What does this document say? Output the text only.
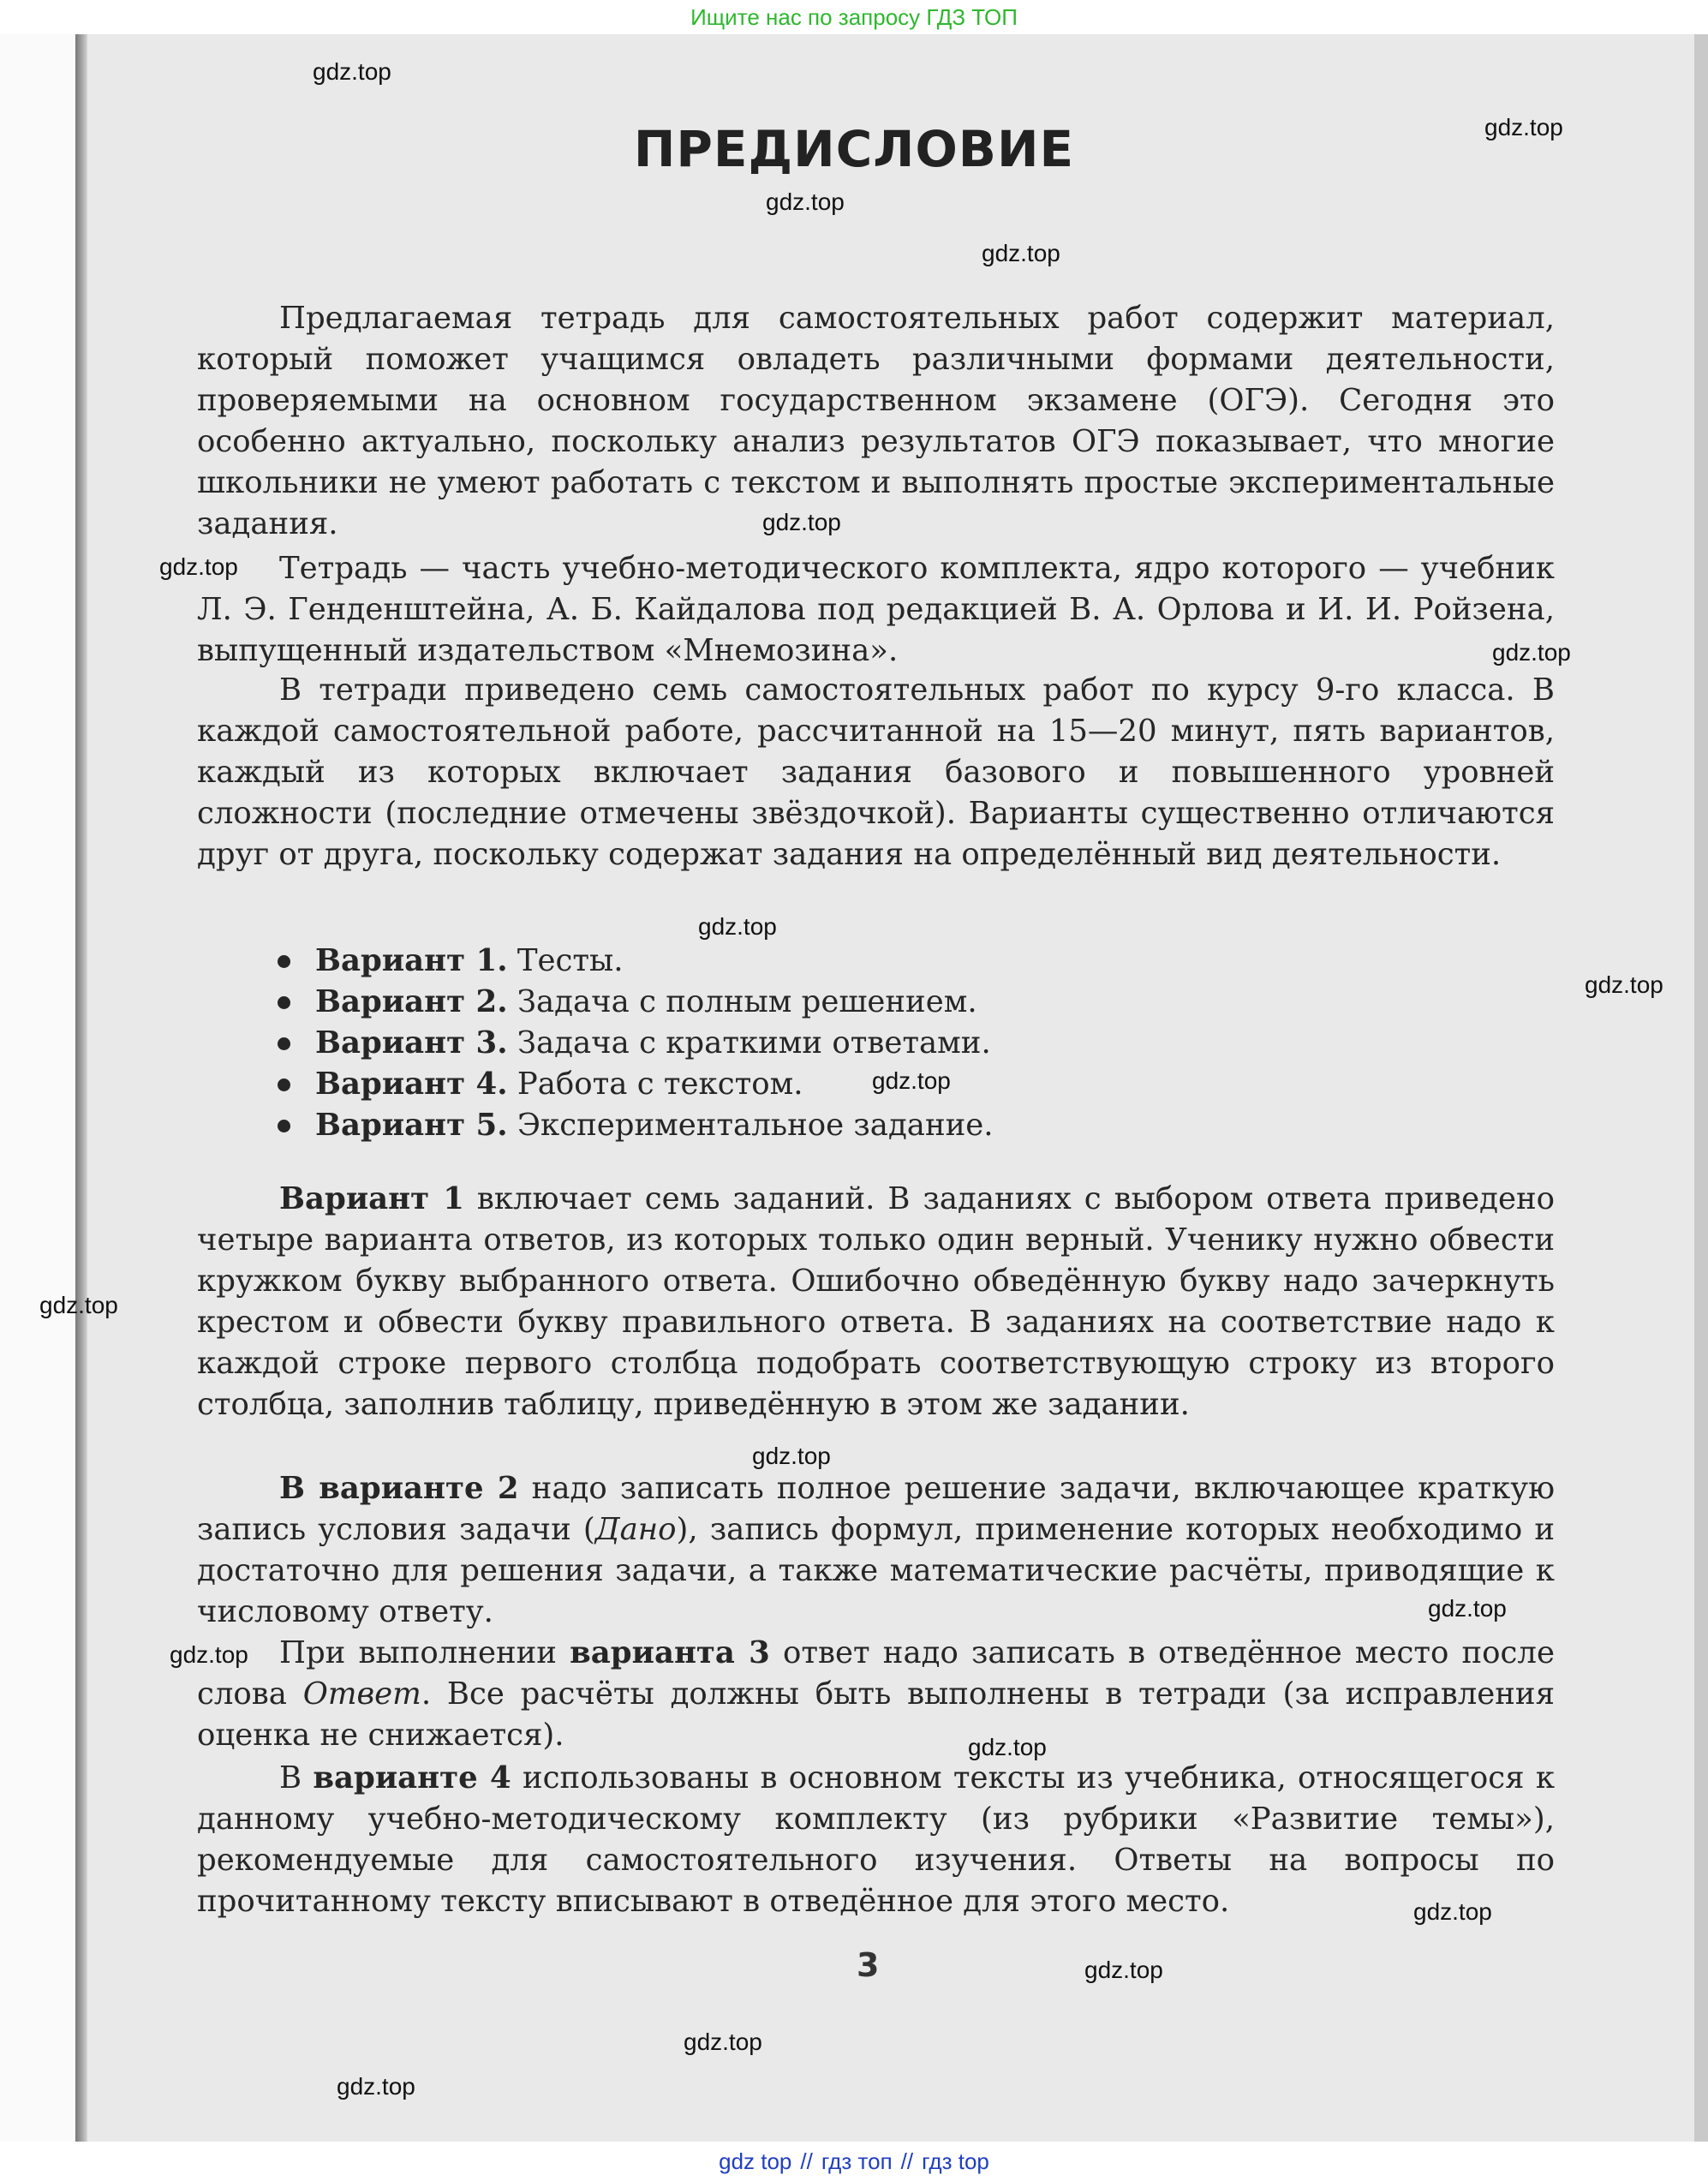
Ищите нас по запросу ГДЗ ТОП
ПРЕДИСЛОВИЕ

Предлагаемая тетрадь для самостоятельных работ содержит материал, который поможет учащимся овладеть различными формами деятельности, проверяемыми на основном государственном экзамене (ОГЭ). Сегодня это особенно актуально, поскольку анализ результатов ОГЭ показывает, что многие школьники не умеют работать с текстом и выполнять простые экспериментальные задания.

Тетрадь — часть учебно-методического комплекта, ядро которого — учебник Л. Э. Генденштейна, А. Б. Кайдалова под редакцией В. А. Орлова и И. И. Ройзена, выпущенный издательством «Мнемозина».

В тетради приведено семь самостоятельных работ по курсу 9-го класса. В каждой самостоятельной работе, рассчитанной на 15—20 минут, пять вариантов, каждый из которых включает задания базового и повышенного уровней сложности (последние отмечены звёздочкой). Варианты существенно отличаются друг от друга, поскольку содержат задания на определённый вид деятельности.

Вариант 1. Тесты.
Вариант 2. Задача с полным решением.
Вариант 3. Задача с краткими ответами.
Вариант 4. Работа с текстом.
Вариант 5. Экспериментальное задание.

Вариант 1 включает семь заданий. В заданиях с выбором ответа приведено четыре варианта ответов, из которых только один верный. Ученику нужно обвести кружком букву выбранного ответа. Ошибочно обведённую букву надо зачеркнуть крестом и обвести букву правильного ответа. В заданиях на соответствие надо к каждой строке первого столбца подобрать соответствующую строку из второго столбца, заполнив таблицу, приведённую в этом же задании.

В варианте 2 надо записать полное решение задачи, включающее краткую запись условия задачи (Дано), запись формул, применение которых необходимо и достаточно для решения задачи, а также математические расчёты, приводящие к числовому ответу.

При выполнении варианта 3 ответ надо записать в отведённое место после слова Ответ. Все расчёты должны быть выполнены в тетради (за исправления оценка не снижается).

В варианте 4 использованы в основном тексты из учебника, относящегося к данному учебно-методическому комплекту (из рубрики «Развитие темы»), рекомендуемые для самостоятельного изучения. Ответы на вопросы по прочитанному тексту вписывают в отведённое для этого место.

3
gdz.top
gdz.top
gdz.top
gdz.top
gdz.top
gdz.top
gdz.top
gdz.top
gdz.top
gdz.top
gdz.top
gdz.top
gdz.top
gdz.top
gdz.top
gdz.top
gdz.top
gdz.top
gdz.top
gdz top // гдз топ // гдз top
